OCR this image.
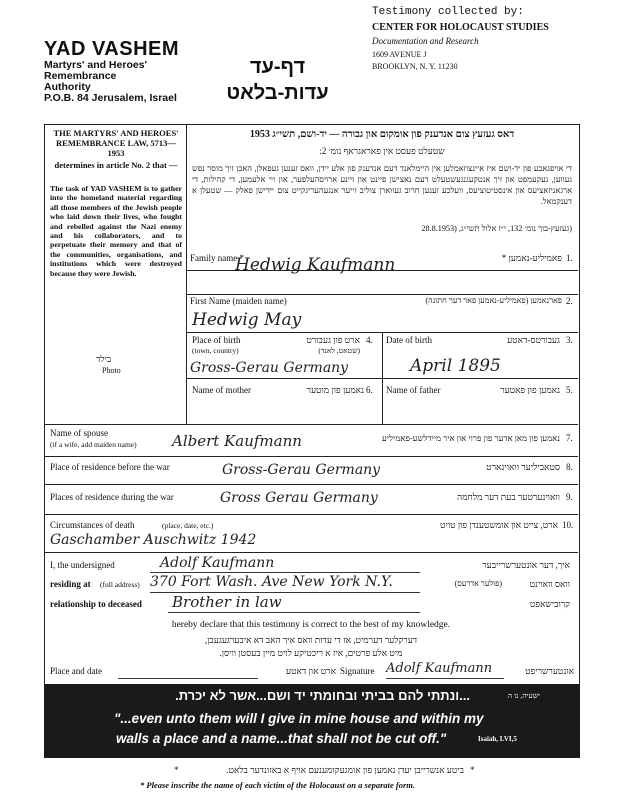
Testimony collected by:
CENTER FOR HOLOCAUST STUDIES
Documentation and Research
1609 AVENUE J
BROOKLYN, N. Y. 11230
YAD VASHEM
Martyrs' and Heroes'
Remembrance
Authority
P.O.B. 84 Jerusalem, Israel
דף-עד
עדות-בלאט
THE MARTYRS' AND HEROES' REMEMBRANCE LAW, 5713—1953
determines in article No. 2 that —
The task of YAD VASHEM is to gather into the homeland material regarding all those members of the Jewish people who laid down their lives, who fought and rebelled against the Nazi enemy and his collaborators, and to perpetuate their memory and that of the communities, organisations, and institutions which were destroyed because they were Jewish.
דאס געזעץ צום אנדענק פון אומקום און גבורה — יד-ושם, תשי״ג 1953
שטעלט פעסט אין פאראגראף נומ׳ 2:
די אויפגאבע פון יד-ושם איז איינצוזאמלען אין היימלאנד דעם אנדענק פון אלע יידן, וואס זענען געפאלן, האבן זיך מוסר נפש געווען, געקעמפט און זיך אנטקעגנגעשטעלט דעם נאצישן פיינט און זיינע ארויסהעלפער, און זיי אלעמען, די קהילות, די ארגאניזאציעס און אינסטיטוציעס, וועלכע זענען חרוב געווארן צוליב זייער אנגעהעריגקייט צום יידישן פאלק — שטעלן א דענקמאל.
(געזעץ-בוך נומ׳ 132, י״ז אלול תשי״ג, (28.8.1953
בילד
Photo
Family name *	פאמיליע-נאמען * 1.
Hedwig Kaufmann
First Name (maiden name)	פארנאמען (פאמיליע-נאמען פאר דער חתונה) 2.
Hedwig May
Place of birth
(town, country)
ארט פון געבורט
(שטאט, לאנד)
4.
Gross-Gerau Germany
Date of birth	געבורטס-דאטע 3.
April 1895
Name of mother	נאמען פון מוטער 6. Name of father	נאמען פון פאטער 5.
Name of spouse
(if a wife, add maiden name)
נאמען פון מאן אדער פון פרוי און איר מיידלשע-פאמיליע 7.
Albert Kaufmann
Place of residence before the war	סטאביליער וואוינארט 8.
Gross-Gerau Germany
Places of residence during the war	וואוינערטער בעת דער מלחמה 9.
Gross Gerau Germany
Circumstances of death	(place, date, etc.)	ארט, צייט און אומשטענדן פון טויט 10.
Gaschamber Auschwitz 1942
I, the undersigned	Adolf Kaufmann	איך, דער אונטערשרייבער
residing at (full address) 370 Fort Wash. Ave New York N.Y.	(פולער אדרעס)	וואס וואוינט
relationship to deceased Brother in law	קרובישאפט
hereby declare that this testimony is correct to the best of my knowledge.
דערקלער דערמיט, אז די עדות וואס איך האב דא איבערגעגעבן,
מיט אלע פרטים, איז א ריכטיקע לויט מיין בעסטן וויסן.
Place and date	ארט און דאטע Signature Adolf Kaufmann	אונטערשריפט
...ונתתי להם בביתי ובחומתי יד ושם...אשר לא יכרת.	ישעיה, נו ה
"...even unto them will I give in mine house and within my
walls a place and a name...that shall not be cut off."	Isaiah, LVI,5
*	ביטע אנשרייבן יעדן נאמען פון אומגעקומענעם אויף א באזונדער בלאט. *
* Please inscribe the name of each victim of the Holocaust on a separate form.
